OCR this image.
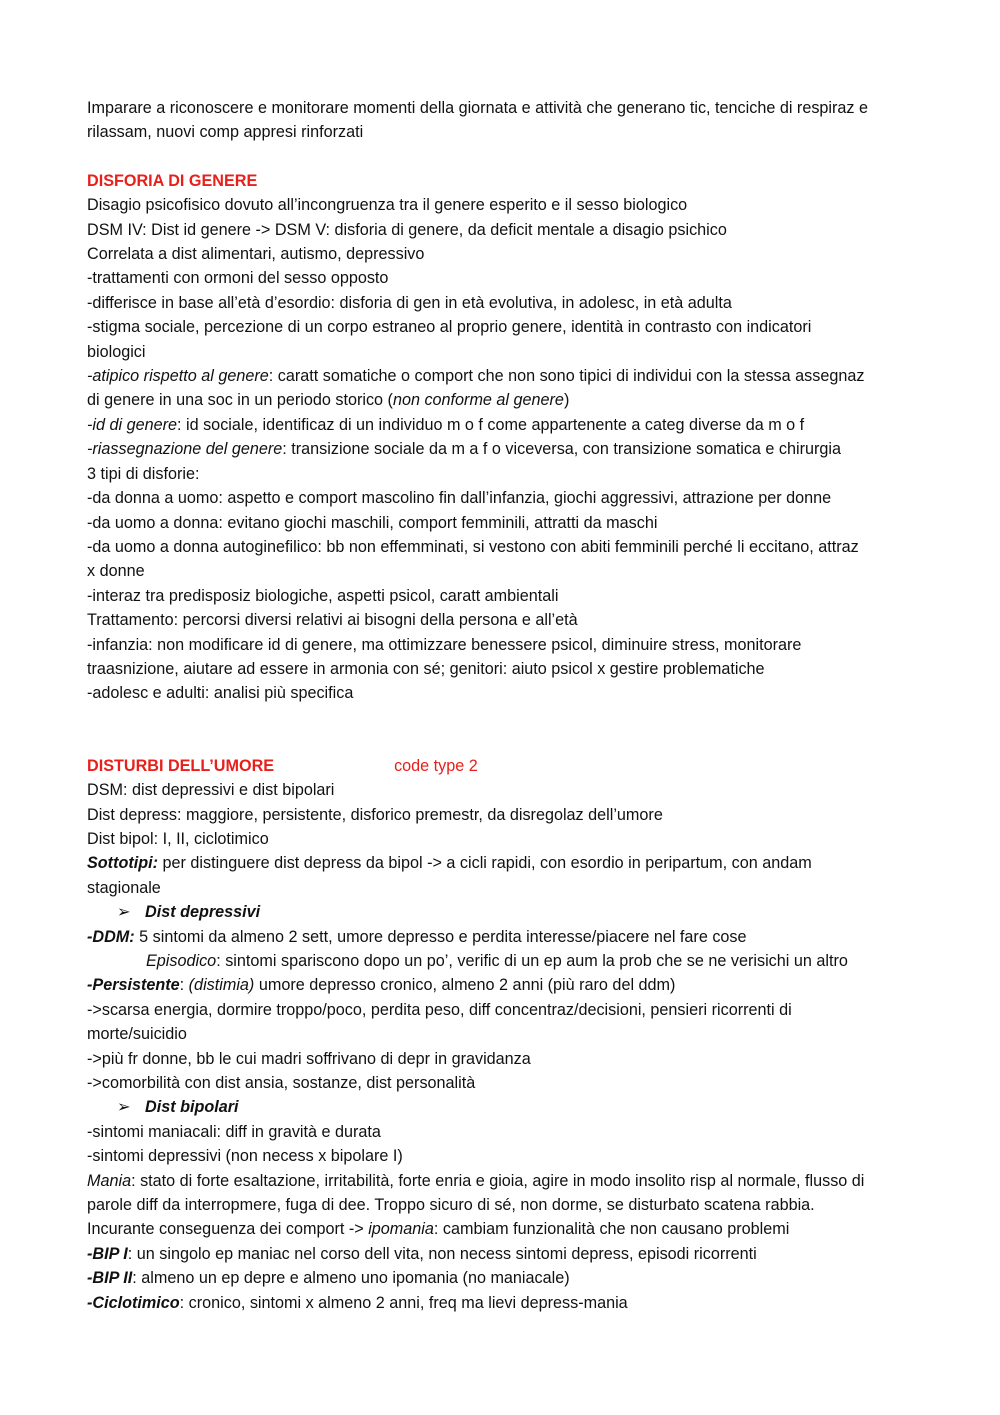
Imparare a riconoscere e monitorare momenti della giornata e attività che generano tic, tenciche di respiraz e

rilassam, nuovi comp appresi rinforzati

DISFORIA DI GENERE

Disagio psicofisico dovuto all’incongruenza tra il genere esperito e il sesso biologico

DSM IV: Dist id genere -> DSM V: disforia di genere, da deficit mentale a disagio psichico

Correlata a dist alimentari, autismo, depressivo

-trattamenti con ormoni del sesso opposto

-differisce in base all’età d’esordio: disforia di gen in età evolutiva, in adolesc, in età adulta

-stigma sociale, percezione di un corpo estraneo al proprio genere, identità in contrasto con indicatori

biologici

-atipico rispetto al genere: caratt somatiche o comport che non sono tipici di individui con la stessa assegnaz

di genere in una soc in un periodo storico (non conforme al genere)

-id di genere: id sociale, identificaz di un individuo m o f come appartenente a categ diverse da m o f

-riassegnazione del genere: transizione sociale da m a f o viceversa, con transizione somatica e chirurgia

3 tipi di disforie:

-da donna a uomo: aspetto e comport mascolino fin dall’infanzia, giochi aggressivi, attrazione per donne

-da uomo a donna: evitano giochi maschili, comport femminili, attratti da maschi

-da uomo a donna autoginefilico: bb non effemminati, si vestono con abiti femminili perché li eccitano, attraz

x donne

-interaz tra predisposiz biologiche, aspetti psicol, caratt ambientali

Trattamento: percorsi diversi relativi ai bisogni della persona e all’età

-infanzia: non modificare id di genere, ma ottimizzare benessere psicol, diminuire stress, monitorare

traasnizione, aiutare ad essere in armonia con sé; genitori: aiuto psicol x gestire problematiche

-adolesc e adulti: analisi più specifica

DISTURBI DELL’UMORE	code type 2

DSM: dist depressivi e dist bipolari

Dist depress: maggiore, persistente, disforico premestr, da disregolaz dell’umore

Dist bipol: I, II, ciclotimico

Sottotipi: per distinguere dist depress da bipol -> a cicli rapidi, con esordio in peripartum, con andam

stagionale

➢ Dist depressivi

-DDM: 5 sintomi da almeno 2 sett, umore depresso e perdita interesse/piacere nel fare cose

Episodico: sintomi spariscono dopo un po’, verific di un ep aum la prob che se ne verisichi un altro

-Persistente: (distimia) umore depresso cronico, almeno 2 anni (più raro del ddm)

->scarsa energia, dormire troppo/poco, perdita peso, diff concentraz/decisioni, pensieri ricorrenti di

morte/suicidio

->più fr donne, bb le cui madri soffrivano di depr in gravidanza

->comorbilità con dist ansia, sostanze, dist personalità

➢ Dist bipolari

-sintomi maniacali: diff in gravità e durata

-sintomi depressivi (non necess x bipolare I)

Mania: stato di forte esaltazione, irritabilità, forte enria e gioia, agire in modo insolito risp al normale, flusso di

parole diff da interropmere, fuga di dee. Troppo sicuro di sé, non dorme, se disturbato scatena rabbia.

Incurante conseguenza dei comport -> ipomania: cambiam funzionalità che non causano problemi

-BIP I: un singolo ep maniac nel corso dell vita, non necess sintomi depress, episodi ricorrenti

-BIP II: almeno un ep depre e almeno uno ipomania (no maniacale)

-Ciclotimico: cronico, sintomi x almeno 2 anni, freq ma lievi depress-mania
